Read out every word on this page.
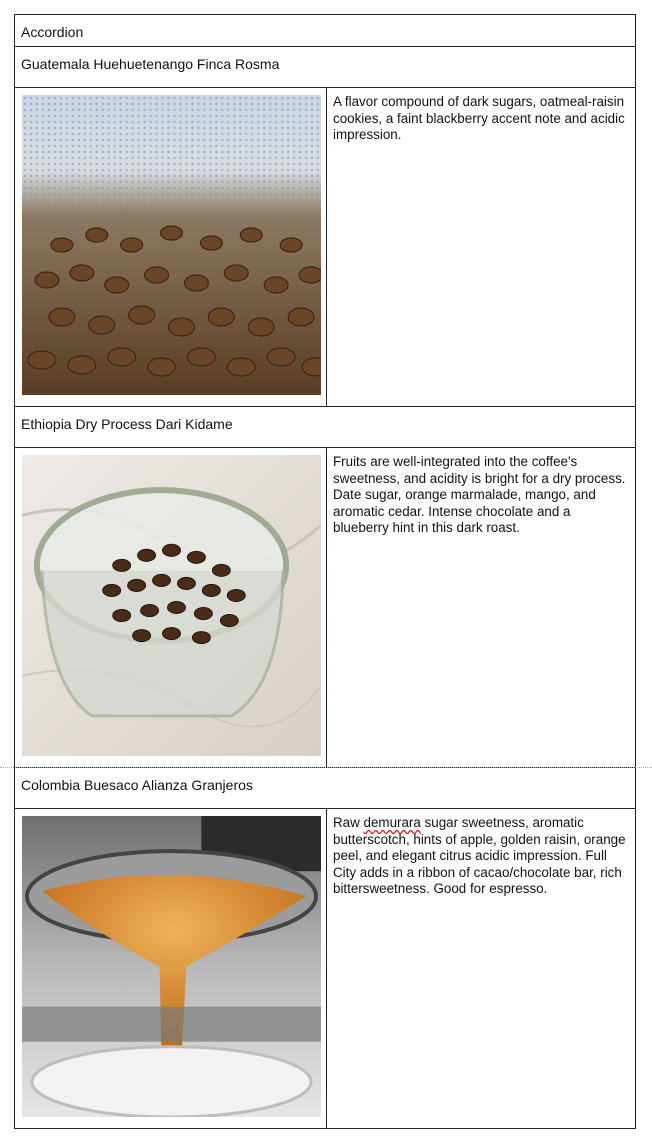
Accordion
Guatemala Huehuetenango Finca Rosma
A flavor compound of dark sugars, oatmeal-raisin cookies, a faint blackberry accent note and acidic impression.
Ethiopia Dry Process Dari Kidame
Fruits are well-integrated into the coffee's sweetness, and acidity is bright for a dry process. Date sugar, orange marmalade, mango, and aromatic cedar. Intense chocolate and a blueberry hint in this dark roast.
Colombia Buesaco Alianza Granjeros
Raw demurara sugar sweetness, aromatic butterscotch, hints of apple, golden raisin, orange peel, and elegant citrus acidic impression. Full City adds in a ribbon of cacao/chocolate bar, rich bittersweetness. Good for espresso.
